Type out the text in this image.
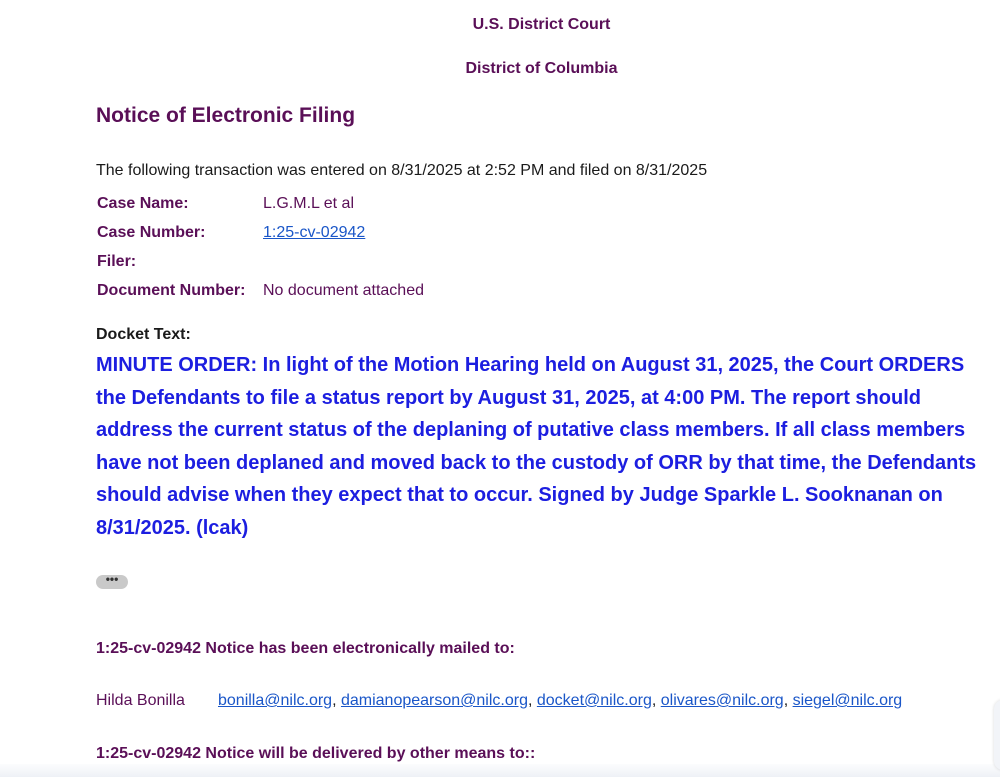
U.S. District Court
District of Columbia
Notice of Electronic Filing
The following transaction was entered on 8/31/2025 at 2:52 PM and filed on 8/31/2025
Case Name:	L.G.M.L et al
Case Number:	1:25-cv-02942
Filer:
Document Number:	No document attached
Docket Text:
MINUTE ORDER: In light of the Motion Hearing held on August 31, 2025, the Court ORDERS the Defendants to file a status report by August 31, 2025, at 4:00 PM. The report should address the current status of the deplaning of putative class members. If all class members have not been deplaned and moved back to the custody of ORR by that time, the Defendants should advise when they expect that to occur. Signed by Judge Sparkle L. Sooknanan on 8/31/2025. (lcak)
•••
1:25-cv-02942 Notice has been electronically mailed to:
Hilda Bonilla	bonilla@nilc.org , damianopearson@nilc.org , docket@nilc.org , olivares@nilc.org , siegel@nilc.org
1:25-cv-02942 Notice will be delivered by other means to::
